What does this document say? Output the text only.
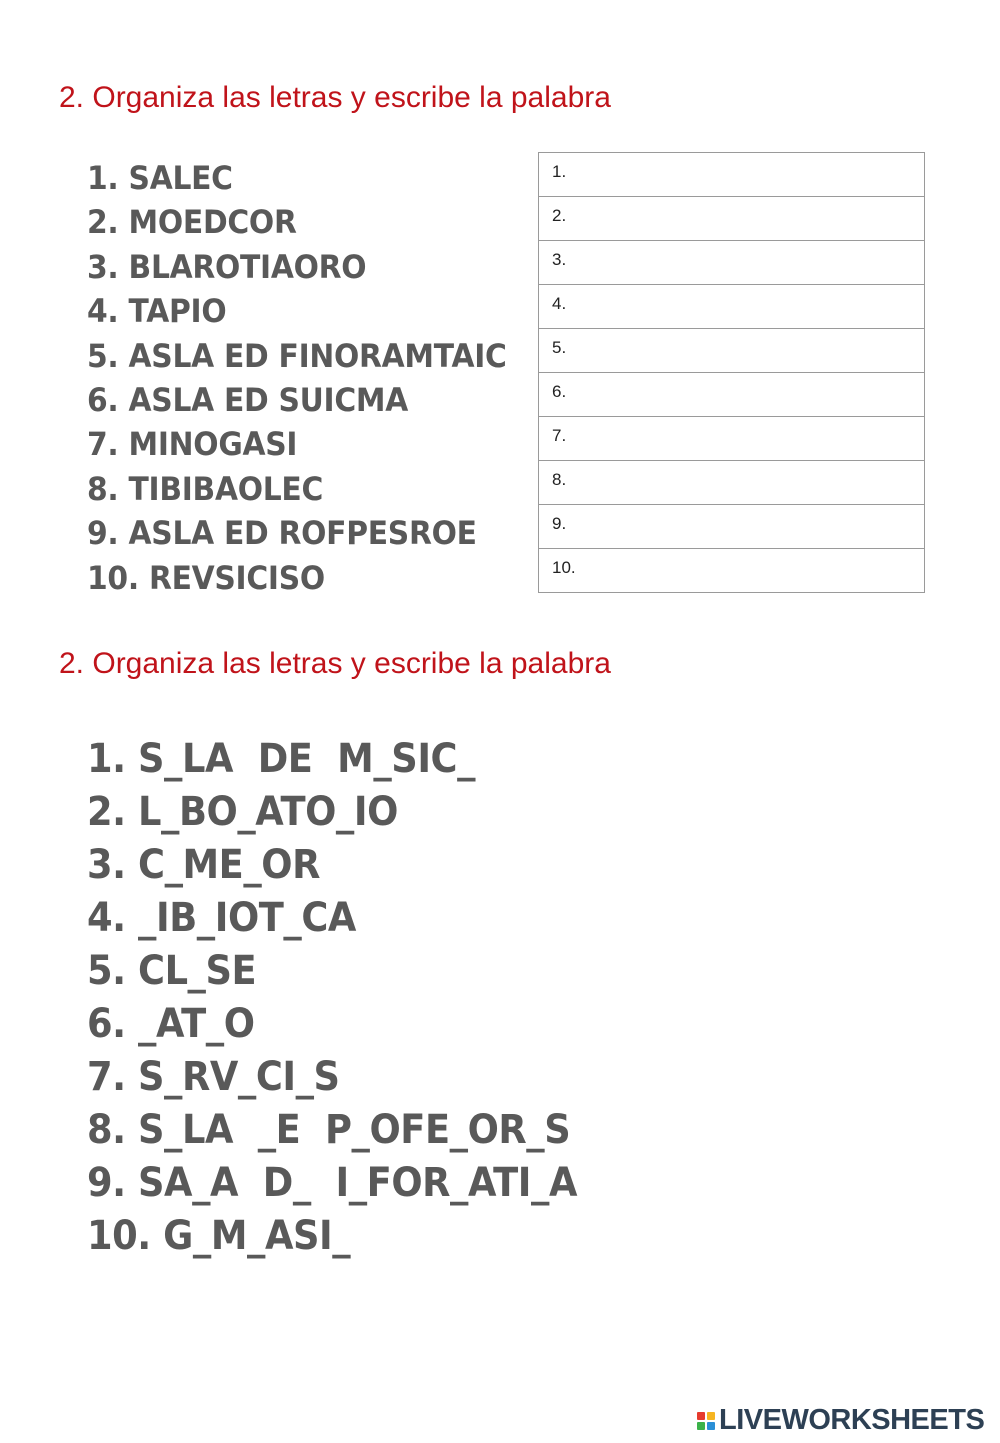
2. Organiza las letras y escribe la palabra
1. SALEC
2. MOEDCOR
3. BLAROTIAORO
4. TAPIO
5. ASLA ED FINORAMTAIC
6. ASLA ED SUICMA
7. MINOGASI
8. TIBIBAOLEC
9. ASLA ED ROFPESROE
10. REVSICISO
1.
2.
3.
4.
5.
6.
7.
8.
9.
10.
2. Organiza las letras y escribe la palabra
1. S_LA  DE  M_SIC_
2. L_BO_ATO_IO
3. C_ME_OR
4. _IB_IOT_CA
5. CL_SE
6. _AT_O
7. S_RV_CI_S
8. S_LA  _E  P_OFE_OR_S
9. SA_A  D_  I_FOR_ATI_A
10. G_M_ASI_
LIVEWORKSHEETS
